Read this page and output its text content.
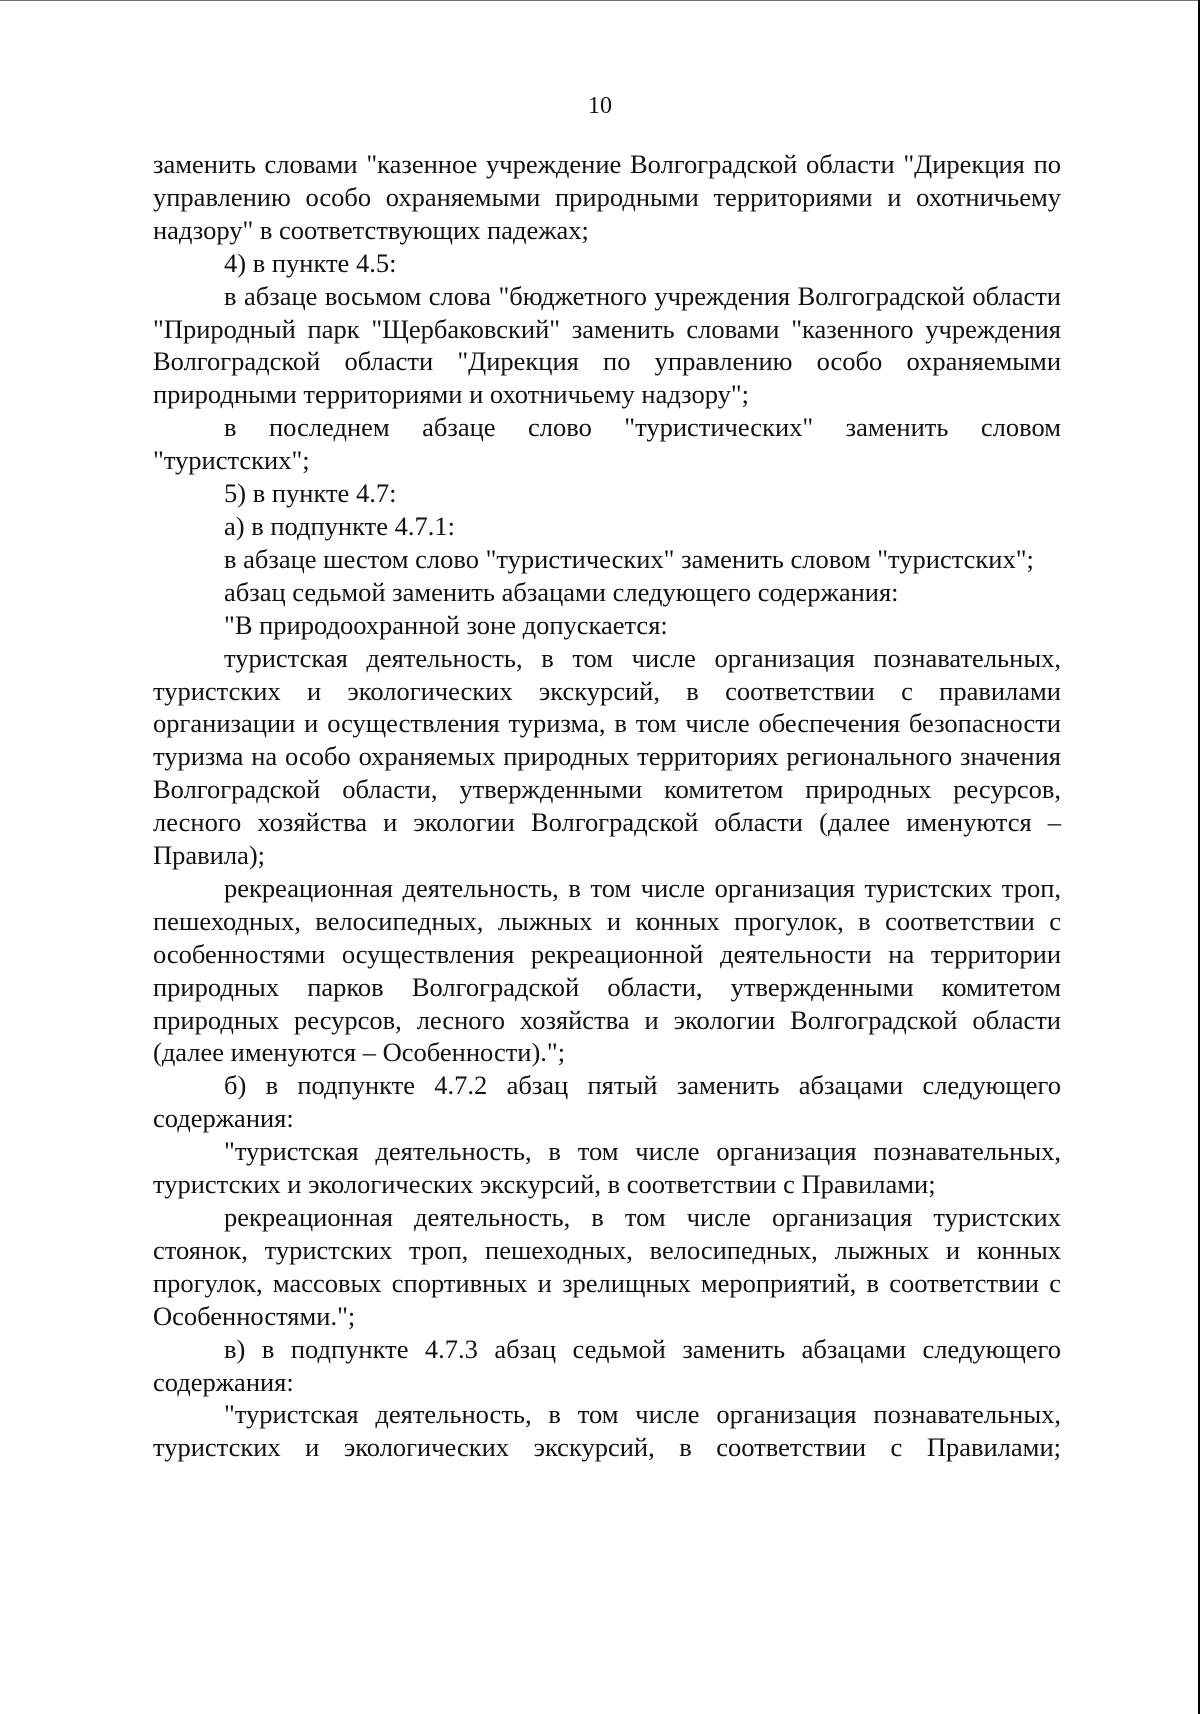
10

заменить словами "казенное учреждение Волгоградской области "Дирекция по управлению особо охраняемыми природными территориями и охотничьему надзору" в соответствующих падежах;

4) в пункте 4.5:

в абзаце восьмом слова "бюджетного учреждения Волгоградской области "Природный парк "Щербаковский" заменить словами "казенного учреждения Волгоградской области "Дирекция по управлению особо охраняемыми природными территориями и охотничьему надзору";

в последнем абзаце слово "туристических" заменить словом "туристских";

5) в пункте 4.7:

а) в подпункте 4.7.1:

в абзаце шестом слово "туристических" заменить словом "туристских";

абзац седьмой заменить абзацами следующего содержания:

"В природоохранной зоне допускается:

туристская деятельность, в том числе организация познавательных, туристских и экологических экскурсий, в соответствии с правилами организации и осуществления туризма, в том числе обеспечения безопасности туризма на особо охраняемых природных территориях регионального значения Волгоградской области, утвержденными комитетом природных ресурсов, лесного хозяйства и экологии Волгоградской области (далее именуются – Правила);

рекреационная деятельность, в том числе организация туристских троп, пешеходных, велосипедных, лыжных и конных прогулок, в соответствии с особенностями осуществления рекреационной деятельности на территории природных парков Волгоградской области, утвержденными комитетом природных ресурсов, лесного хозяйства и экологии Волгоградской области (далее именуются – Особенности).";

б) в подпункте 4.7.2 абзац пятый заменить абзацами следующего содержания:

"туристская деятельность, в том числе организация познавательных, туристских и экологических экскурсий, в соответствии с Правилами;

рекреационная деятельность, в том числе организация туристских стоянок, туристских троп, пешеходных, велосипедных, лыжных и конных прогулок, массовых спортивных и зрелищных мероприятий, в соответствии с Особенностями.";

в) в подпункте 4.7.3 абзац седьмой заменить абзацами следующего содержания:

"туристская деятельность, в том числе организация познавательных, туристских и экологических экскурсий, в соответствии с Правилами;
